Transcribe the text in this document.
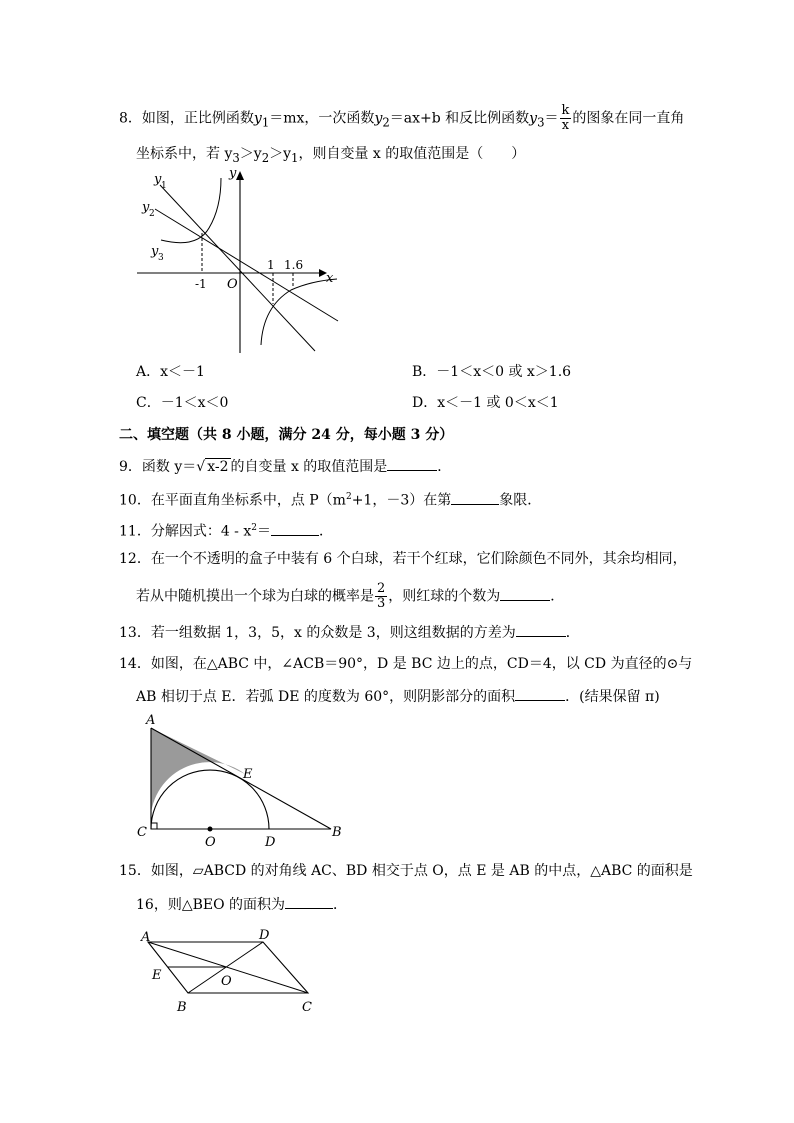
8．如图，正比例函数$y_1=mx$，一次函数$y_2=ax+b$ 和反比例函数$y_3= \frac{k}{x}$ 的图象在同一直角
坐标系中，若 $y_3>y_2>y_1$，则自变量 x 的取值范围是（　　）
y 1
y 2
y 3
y
x
O
-1
1 1.6
A．x＜－1	B．－1＜x＜0 或 x＞1.6
C．－1＜x＜0	D．x＜－1 或 0＜x＜1
二、填空题（共 8 小题，满分 24 分，每小题 3 分）
9．函数 y＝√ x-2 的自变量 x 的取值范围是	．
10．在平面直角坐标系中，点 $P(m^2+1$，－3）在第	象限．
11．分解因式：$4 - x^2=$	．
12．在一个不透明的盒子中装有 6 个白球，若干个红球，它们除颜色不同外，其余均相同，
若从中随机摸出一个球为白球的概率是 $\frac{2}{3}$ ，则红球的个数为	．
13．若一组数据 1，3，5，x 的众数是 3，则这组数据的方差为	．
14．如图，在△ABC 中，∠ACB＝90°，D 是 BC 边上的点，CD＝4，以 CD 为直径的⊙与
AB 相切于点 E．若弧 DE 的度数为 60°，则阴影部分的面积	．(结果保留 π)
A
E
C
O	D
B
15．如图，▱ABCD 的对角线 AC、BD 相交于点 O，点 E 是 AB 的中点，△ABC 的面积是
16，则△BEO 的面积为	．
A	D
E	O
B	C
